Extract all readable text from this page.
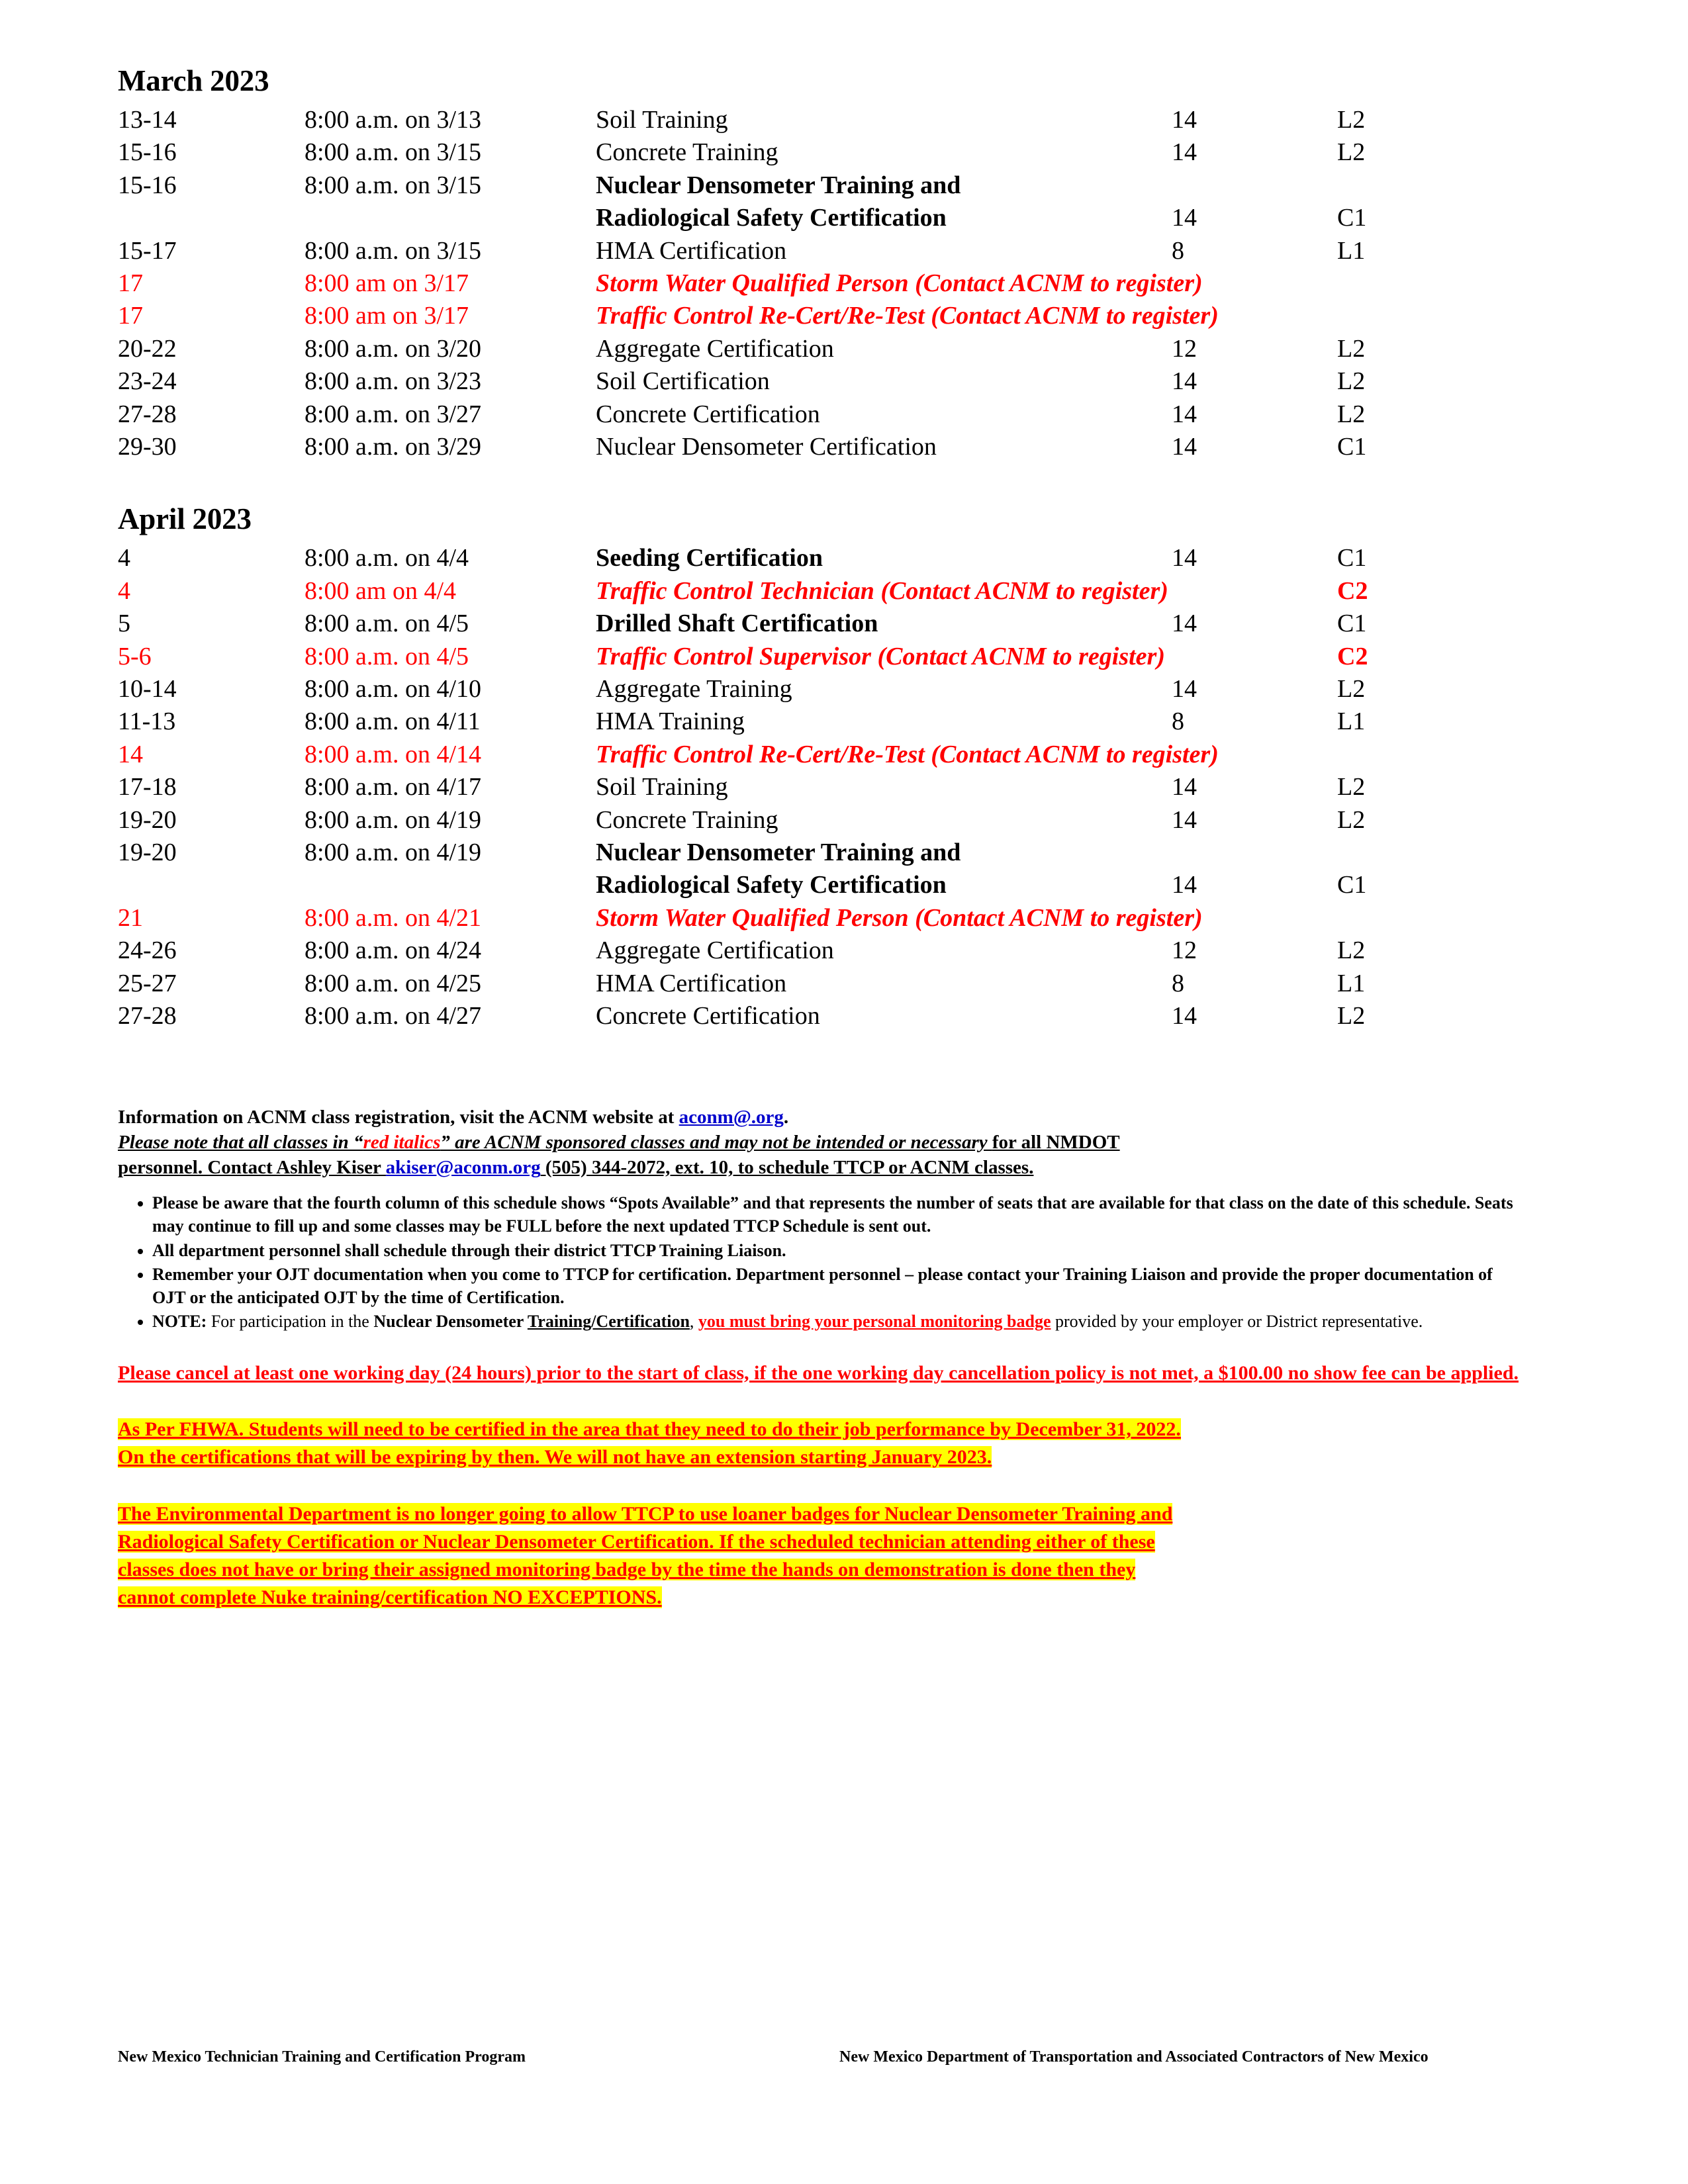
March 2023
13-14	8:00 a.m. on 3/13	Soil Training	14	L2
15-16	8:00 a.m. on 3/15	Concrete Training	14	L2
15-16	8:00 a.m. on 3/15	Nuclear Densometer Training and		
		Radiological Safety Certification	14	C1
15-17	8:00 a.m. on 3/15	HMA Certification	8	L1
17	8:00 am on 3/17	Storm Water Qualified Person (Contact ACNM to register)		
17	8:00 am on 3/17	Traffic Control Re-Cert/Re-Test (Contact ACNM to register)		
20-22	8:00 a.m. on 3/20	Aggregate Certification	12	L2
23-24	8:00 a.m. on 3/23	Soil Certification	14	L2
27-28	8:00 a.m. on 3/27	Concrete Certification	14	L2
29-30	8:00 a.m. on 3/29	Nuclear Densometer Certification	14	C1
April 2023
4	8:00 a.m. on 4/4	Seeding Certification	14	C1
4	8:00 am on 4/4	Traffic Control Technician (Contact ACNM to register)		C2
5	8:00 a.m. on 4/5	Drilled Shaft Certification	14	C1
5-6	8:00 a.m. on 4/5	Traffic Control Supervisor (Contact ACNM to register)		C2
10-14	8:00 a.m. on 4/10	Aggregate Training	14	L2
11-13	8:00 a.m. on 4/11	HMA Training	8	L1
14	8:00 a.m. on 4/14	Traffic Control Re-Cert/Re-Test (Contact ACNM to register)		
17-18	8:00 a.m. on 4/17	Soil Training	14	L2
19-20	8:00 a.m. on 4/19	Concrete Training	14	L2
19-20	8:00 a.m. on 4/19	Nuclear Densometer Training and		
		Radiological Safety Certification	14	C1
21	8:00 a.m. on 4/21	Storm Water Qualified Person (Contact ACNM to register)		
24-26	8:00 a.m. on 4/24	Aggregate Certification	12	L2
25-27	8:00 a.m. on 4/25	HMA Certification	8	L1
27-28	8:00 a.m. on 4/27	Concrete Certification	14	L2
Information on ACNM class registration, visit the ACNM website at aconm@.org.
Please note that all classes in “red italics” are ACNM sponsored classes and may not be intended or necessary for all NMDOT
personnel. Contact Ashley Kiser akiser@aconm.org (505) 344-2072, ext. 10, to schedule TTCP or ACNM classes.
• Please be aware that the fourth column of this schedule shows “Spots Available” and that represents the number of seats that are available for that class on the date of this schedule. Seats may continue to fill up and some classes may be FULL before the next updated TTCP Schedule is sent out.
• All department personnel shall schedule through their district TTCP Training Liaison.
• Remember your OJT documentation when you come to TTCP for certification. Department personnel – please contact your Training Liaison and provide the proper documentation of OJT or the anticipated OJT by the time of Certification.
• NOTE: For participation in the Nuclear Densometer Training/Certification, you must bring your personal monitoring badge provided by your employer or District representative.
Please cancel at least one working day (24 hours) prior to the start of class, if the one working day cancellation policy is not met, a $100.00 no show fee can be applied.
As Per FHWA. Students will need to be certified in the area that they need to do their job performance by December 31, 2022.
On the certifications that will be expiring by then. We will not have an extension starting January 2023.
The Environmental Department is no longer going to allow TTCP to use loaner badges for Nuclear Densometer Training and
Radiological Safety Certification or Nuclear Densometer Certification. If the scheduled technician attending either of these
classes does not have or bring their assigned monitoring badge by the time the hands on demonstration is done then they
cannot complete Nuke training/certification NO EXCEPTIONS.
New Mexico Technician Training and Certification Program	New Mexico Department of Transportation and Associated Contractors of New Mexico
